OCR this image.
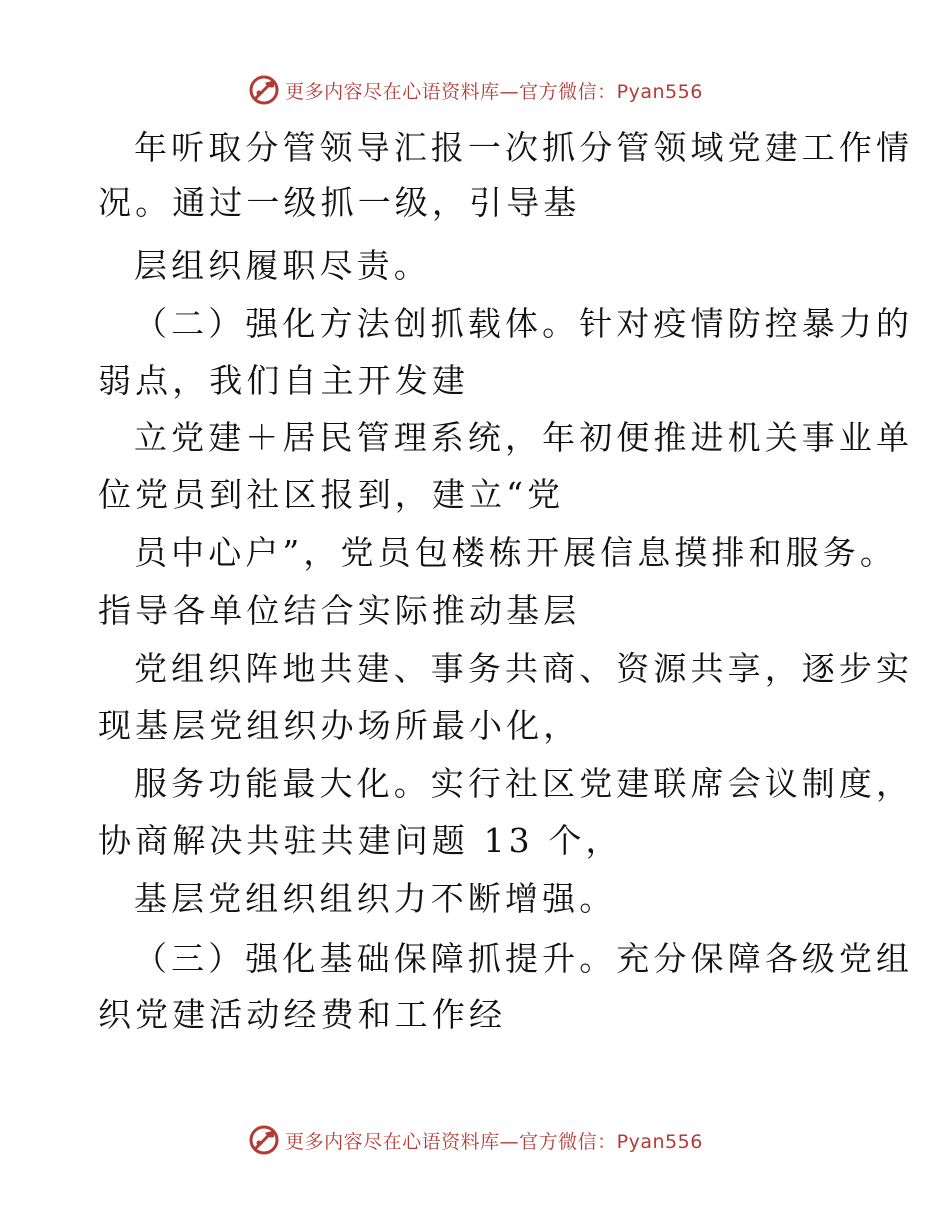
更多内容尽在心语资料库—官方微信：Pyan556
年听取分管领导汇报一次抓分管领域党建工作情
况。通过一级抓一级，引导基
层组织履职尽责。
（二）强化方法创抓载体。针对疫情防控暴力的
弱点，我们自主开发建
立党建＋居民管理系统，年初便推进机关事业单
位党员到社区报到，建立“党
员中心户”，党员包楼栋开展信息摸排和服务。
指导各单位结合实际推动基层
党组织阵地共建、事务共商、资源共享，逐步实
现基层党组织办场所最小化，
服务功能最大化。实行社区党建联席会议制度，
协商解决共驻共建问题 13 个，
基层党组织组织力不断增强。
（三）强化基础保障抓提升。充分保障各级党组
织党建活动经费和工作经
更多内容尽在心语资料库—官方微信：Pyan556
